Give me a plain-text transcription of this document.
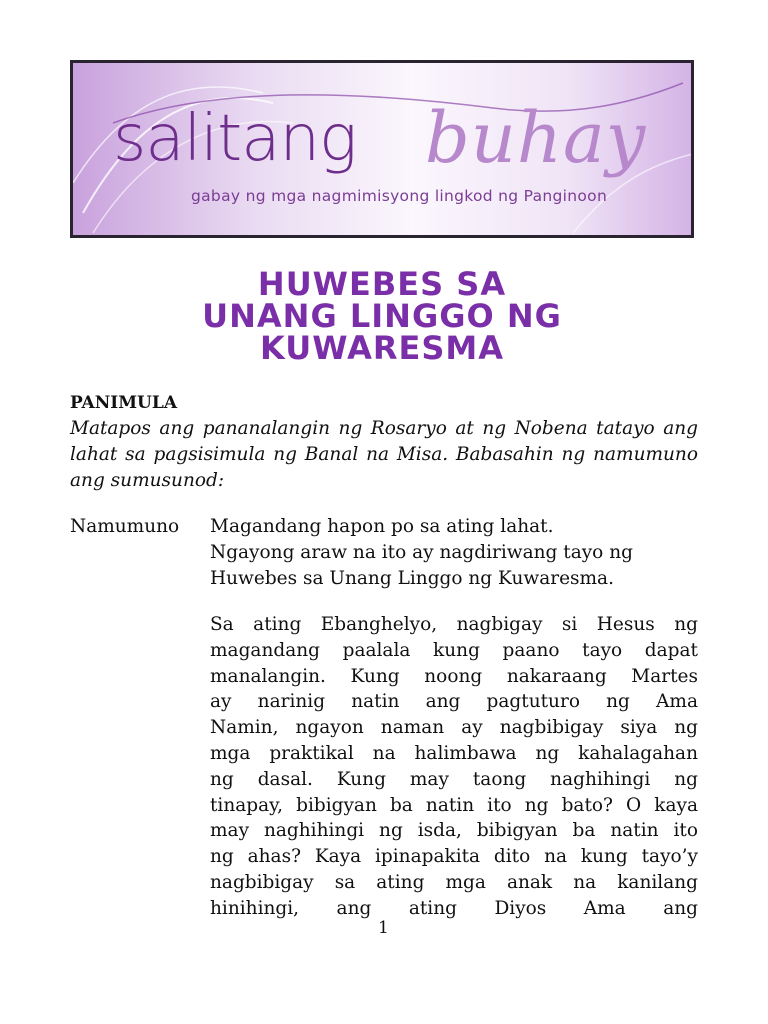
salitang buhay
gabay ng mga nagmimisyong lingkod ng Panginoon
HUWEBES SA
UNANG LINGGO NG
KUWARESMA
PANIMULA
Matapos ang pananalangin ng Rosaryo at ng Nobena tatayo ang lahat sa pagsisimula ng Banal na Misa. Babasahin ng namumuno ang sumusunod:
Namumuno Magandang hapon po sa ating lahat.
Ngayong araw na ito ay nagdiriwang tayo ng
Huwebes sa Unang Linggo ng Kuwaresma.
Sa ating Ebanghelyo, nagbigay si Hesus ng
magandang paalala kung paano tayo dapat
manalangin. Kung noong nakaraang Martes
ay narinig natin ang pagtuturo ng Ama
Namin, ngayon naman ay nagbibigay siya ng
mga praktikal na halimbawa ng kahalagahan
ng dasal. Kung may taong naghihingi ng
tinapay, bibigyan ba natin ito ng bato? O kaya
may naghihingi ng isda, bibigyan ba natin ito
ng ahas? Kaya ipinapakita dito na kung tayo’y
nagbibigay sa ating mga anak na kanilang
hinihingi, ang ating Diyos Ama ang
1
